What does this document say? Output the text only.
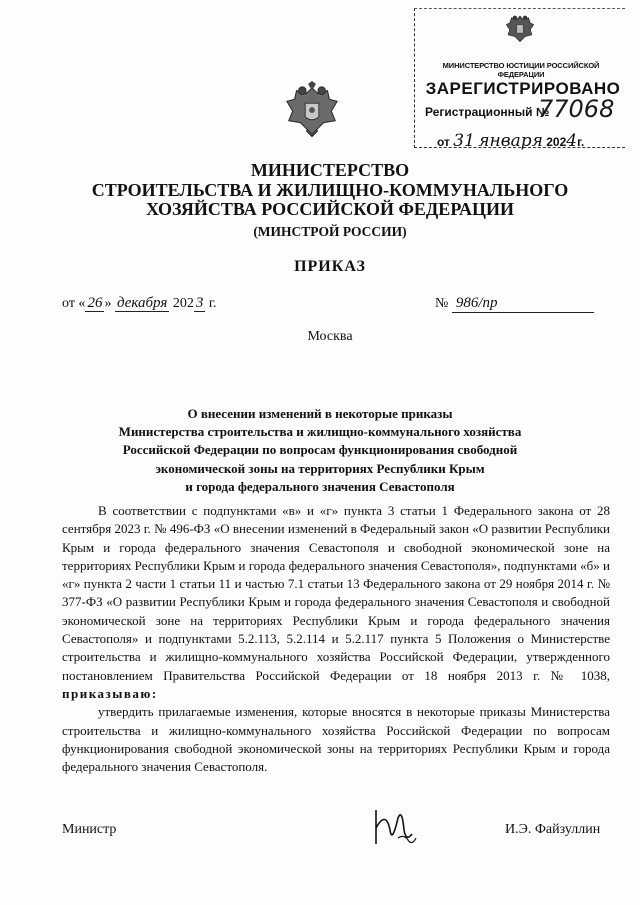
МИНИСТЕРСТВО ЮСТИЦИИ РОССИЙСКОЙ ФЕДЕРАЦИИ
ЗАРЕГИСТРИРОВАНО
Регистрационный №
77068
от 31 января 2024г.
МИНИСТЕРСТВО
СТРОИТЕЛЬСТВА И ЖИЛИЩНО-КОММУНАЛЬНОГО
ХОЗЯЙСТВА РОССИЙСКОЙ ФЕДЕРАЦИИ
(МИНСТРОЙ РОССИИ)
ПРИКАЗ
от « 26 » декабря 202 3 г.	№ 986/пр
Москва
О внесении изменений в некоторые приказы
Министерства строительства и жилищно-коммунального хозяйства
Российской Федерации по вопросам функционирования свободной
экономической зоны на территориях Республики Крым
и города федерального значения Севастополя

В соответствии с подпунктами «в» и «г» пункта 3 статьи 1 Федерального закона от 28 сентября 2023 г. № 496-ФЗ «О внесении изменений в Федеральный закон «О развитии Республики Крым и города федерального значения Севастополя и свободной экономической зоне на территориях Республики Крым и города федерального значения Севастополя», подпунктами «б» и «г» пункта 2 части 1 статьи 11 и частью 7.1 статьи 13 Федерального закона от 29 ноября 2014 г. № 377-ФЗ «О развитии Республики Крым и города федерального значения Севастополя и свободной экономической зоне на территориях Республики Крым и города федерального значения Севастополя» и подпунктами 5.2.113, 5.2.114 и 5.2.117 пункта 5 Положения о Министерстве строительства и жилищно-коммунального хозяйства Российской Федерации, утвержденного постановлением Правительства Российской Федерации от 18 ноября 2013 г. № 1038, приказываю:

утвердить прилагаемые изменения, которые вносятся в некоторые приказы Министерства строительства и жилищно-коммунального хозяйства Российской Федерации по вопросам функционирования свободной экономической зоны на территориях Республики Крым и города федерального значения Севастополя.

Министр	И.Э. Файзуллин
